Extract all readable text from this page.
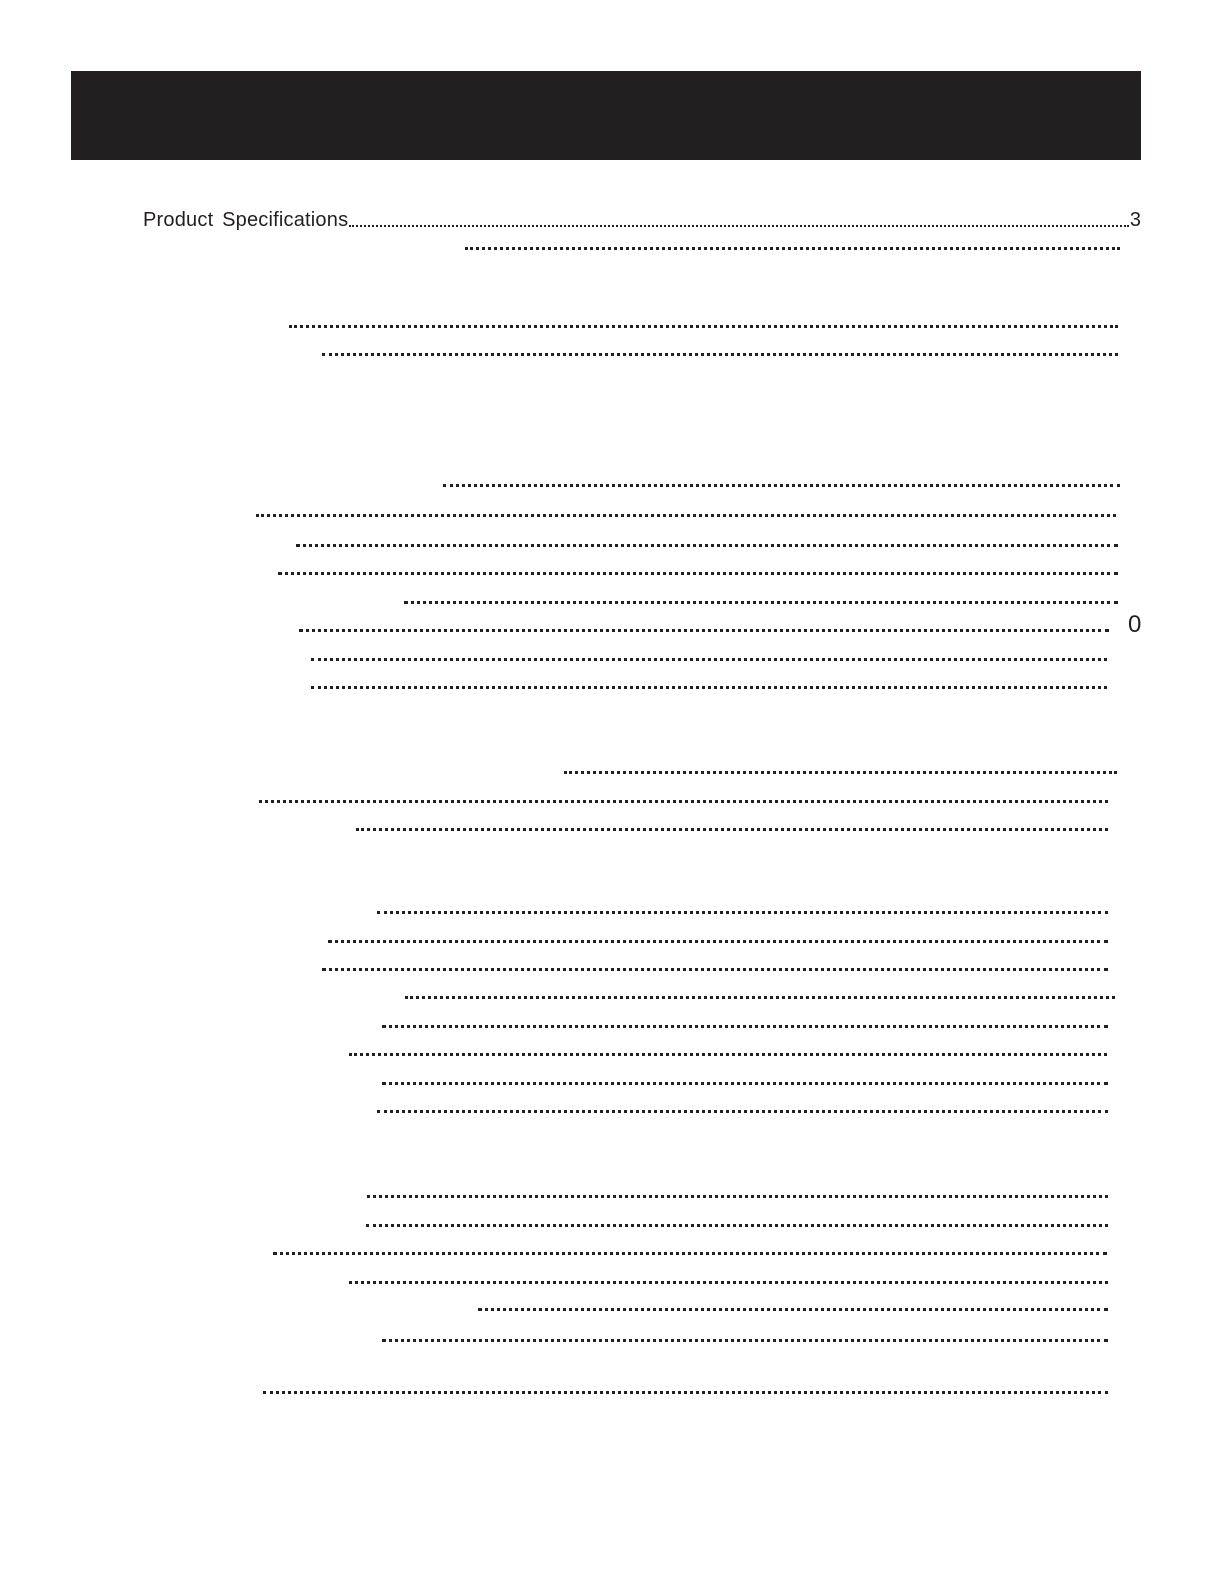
Product Specifications	3
0
